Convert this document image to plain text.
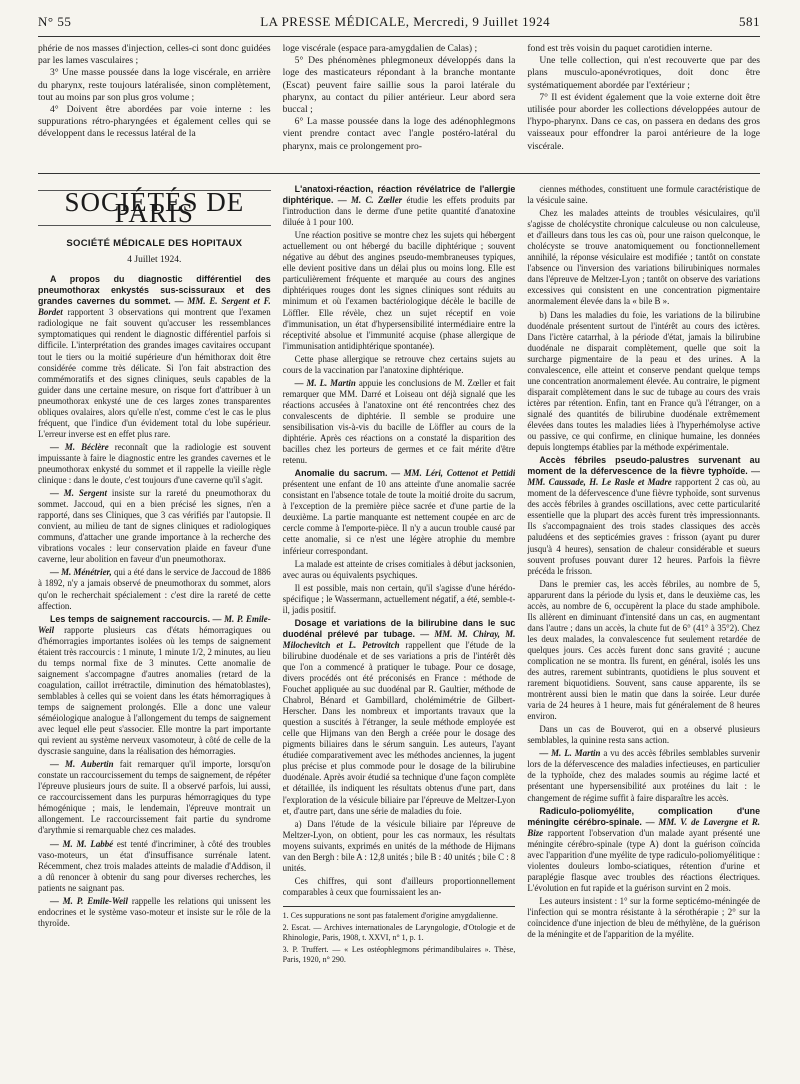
N° 55	LA PRESSE MÉDICALE, Mercredi, 9 Juillet 1924	581

phérie de nos masses d'injection, celles-ci sont donc guidées par les lames vasculaires ;

3° Une masse poussée dans la loge viscérale, en arrière du pharynx, reste toujours latéralisée, sinon complètement, tout au moins par son plus gros volume ;

4° Doivent être abordées par voie interne : les suppurations rétro-pharyngées et également celles qui se développent dans le recessus latéral de la

loge viscérale (espace para-amygdalien de Calas) ;

5° Des phénomènes phlegmoneux développés dans la loge des masticateurs répondant à la branche montante (Escat) peuvent faire saillie sous la paroi latérale du pharynx, au contact du pilier antérieur. Leur abord sera buccal ;

6° La masse poussée dans la loge des adénophlegmons vient prendre contact avec l'angle postéro-latéral du pharynx, mais ce prolongement pro-

fond est très voisin du paquet carotidien interne.

Une telle collection, qui n'est recouverte que par des plans musculo-aponévrotiques, doit donc être systématiquement abordée par l'extérieur ;

7° Il est évident également que la voie externe doit être utilisée pour aborder les collections développées autour de l'hypo-pharynx. Dans ce cas, on passera en dedans des gros vaisseaux pour effondrer la paroi antérieure de la loge viscérale.

SOCIÉTÉS DE PARIS
SOCIÉTÉ MÉDICALE DES HOPITAUX
4 Juillet 1924.

A propos du diagnostic différentiel des pneumothorax enkystés sus-scissuraux et des grandes cavernes du sommet. — MM. E. Sergent et F. Bordet rapportent 3 observations qui montrent que l'examen radiologique ne fait souvent qu'accuser les ressemblances symptomatiques qui rendent le diagnostic différentiel parfois si difficile. L'interprétation des grandes images cavitaires occupant tout le tiers ou la moitié supérieure d'un hémithorax doit être considérée comme très délicate. Si l'on fait abstraction des commémoratifs et des signes cliniques, seuls capables de la guider dans une certaine mesure, on risque fort d'attribuer à un pneumothorax enkysté une de ces larges zones transparentes obliques ovalaires, alors qu'elle n'est, comme c'est le cas le plus fréquent, que l'indice d'un évidement total du lobe supérieur. L'erreur inverse est en effet plus rare.

— M. Béclère reconnaît que la radiologie est souvent impuissante à faire le diagnostic entre les grandes cavernes et le pneumothorax enkysté du sommet et il rappelle la vieille règle clinique : dans le doute, c'est toujours d'une caverne qu'il s'agit.

— M. Sergent insiste sur la rareté du pneumothorax du sommet. Jaccoud, qui en a bien précisé les signes, n'en a rapporté, dans ses Cliniques, que 3 cas vérifiés par l'autopsie. Il convient, au milieu de tant de signes cliniques et radiologiques communs, d'attacher une grande importance à la recherche des vibrations vocales : leur conservation plaide en faveur d'une caverne, leur abolition en faveur d'un pneumothorax.

— M. Ménétrier, qui a été dans le service de Jaccoud de 1886 à 1892, n'y a jamais observé de pneumothorax du sommet, alors qu'on le recherchait spécialement : c'est dire la rareté de cette affection.

Les temps de saignement raccourcis. — M. P. Emile-Weil rapporte plusieurs cas d'états hémorragiques ou d'hémorragies importantes isolées où les temps de saignement étaient très raccourcis : 1 minute, 1 minute 1/2, 2 minutes, au lieu du temps normal fixe de 3 minutes. Cette anomalie de saignement s'accompagne d'autres anomalies (retard de la coagulation, caillot irrétractile, diminution des hématoblastes), semblables à celles qui se voient dans les états hémorragiques à temps de saignement prolongés. Elle a donc une valeur séméiologique analogue à l'allongement du temps de saignement avec lequel elle peut s'associer. Elle montre la part importante qui revient au système nerveux vasomoteur, à côté de celle de la dyscrasie sanguine, dans la réalisation des hémorragies.

— M. Aubertin fait remarquer qu'il importe, lorsqu'on constate un raccourcissement du temps de saignement, de répéter l'épreuve plusieurs jours de suite. Il a observé parfois, lui aussi, ce raccourcissement dans les purpuras hémorragiques du type hémogénique ; mais, le lendemain, l'épreuve montrait un allongement. Le raccourcissement fait partie du syndrome d'arythmie si remarquable chez ces malades.

— M. M. Labbé est tenté d'incriminer, à côté des troubles vaso-moteurs, un état d'insuffisance surrénale latent. Récemment, chez trois malades atteints de maladie d'Addison, il a dû renoncer à obtenir du sang pour diverses recherches, les patients ne saignant pas.

— M. P. Emile-Weil rappelle les relations qui unissent les endocrines et le système vaso-moteur et insiste sur le rôle de la thyroïde.

L'anatoxi-réaction, réaction révélatrice de l'allergie diphtérique. — M. C. Zœller étudie les effets produits par l'introduction dans le derme d'une petite quantité d'anatoxine diluée à 1 pour 100.

Une réaction positive se montre chez les sujets qui hébergent actuellement ou ont hébergé du bacille diphtérique ; souvent négative au début des angines pseudo-membraneuses typiques, elle devient positive dans un délai plus ou moins long. Elle est particulièrement fréquente et marquée au cours des angines diphtériques rouges dont les signes cliniques sont réduits au minimum et où l'examen bactériologique décèle le bacille de Löffler. Elle révèle, chez un sujet réceptif en voie d'immunisation, un état d'hypersensibilité intermédiaire entre la réceptivité absolue et l'immunité acquise (phase allergique de l'immunisation antidiphtérique spontanée).

Cette phase allergique se retrouve chez certains sujets au cours de la vaccination par l'anatoxine diphtérique.

— M. L. Martin appuie les conclusions de M. Zœller et fait remarquer que MM. Darré et Loiseau ont déjà signalé que les réactions accusées à l'anatoxine ont été rencontrées chez des convalescents de diphtérie. Il semble se produire une sensibilisation vis-à-vis du bacille de Löffler au cours de la diphtérie. Après ces réactions on a constaté la disparition des bacilles chez les porteurs de germes et ce fait mérite d'être retenu.

Anomalie du sacrum. — MM. Léri, Cottenot et Pettidi présentent une enfant de 10 ans atteinte d'une anomalie sacrée consistant en l'absence totale de toute la moitié droite du sacrum, à l'exception de la première pièce sacrée et d'une partie de la deuxième. La partie manquante est nettement coupée en arc de cercle comme à l'emporte-pièce. Il n'y a aucun trouble causé par cette anomalie, si ce n'est une légère atrophie du membre inférieur correspondant.

La malade est atteinte de crises comitiales à début jacksonien, avec auras ou équivalents psychiques.

Il est possible, mais non certain, qu'il s'agisse d'une hérédo-spécifique ; le Wassermann, actuellement négatif, a été, semble-t-il, jadis positif.

Dosage et variations de la bilirubine dans le suc duodénal prélevé par tubage. — MM. M. Chiray, M. Milochevitch et L. Petrovitch rappellent que l'étude de la bilirubine duodénale et de ses variations a pris de l'intérêt dès que l'on a commencé à pratiquer le tubage. Pour ce dosage, divers procédés ont été préconisés en France : méthode de Fouchet appliquée au suc duodénal par R. Gaultier, méthode de Chabrol, Bénard et Gambillard, cholémimétrie de Gilbert-Herscher. Dans les nombreux et importants travaux que la question a suscités à l'étranger, la seule méthode employée est celle que Hijmans van den Bergh a créée pour le dosage des pigments biliaires dans le sérum sanguin. Les auteurs, l'ayant étudiée comparativement avec les méthodes anciennes, la jugent plus précise et plus commode pour le dosage de la bilirubine duodénale. Après avoir étudié sa technique d'une façon complète et détaillée, ils indiquent les résultats obtenus d'une part, dans l'exploration de la vésicule biliaire par l'épreuve de Meltzer-Lyon et, d'autre part, dans une série de maladies du foie.

a) Dans l'étude de la vésicule biliaire par l'épreuve de Meltzer-Lyon, on obtient, pour les cas normaux, les résultats moyens suivants, exprimés en unités de la méthode de Hijmans van den Bergh : bile A : 12,8 unités ; bile B : 40 unités ; bile C : 8 unités.

Ces chiffres, qui sont d'ailleurs proportionnellement comparables à ceux que fournissaient les an-

1. Ces suppurations ne sont pas fatalement d'origine amygdalienne.
2. Escat. — Archives internationales de Laryngologie, d'Otologie et de Rhinologie, Paris, 1908, t. XXVI, n° 1, p. 1.
3. P. Truffert. — « Les ostéophlegmons périmandibulaires ». Thèse, Paris, 1920, n° 290.

ciennes méthodes, constituent une formule caractéristique de la vésicule saine.

Chez les malades atteints de troubles vésiculaires, qu'il s'agisse de cholécystite chronique calculeuse ou non calculeuse, et d'ailleurs dans tous les cas où, pour une raison quelconque, le cholécyste se trouve anatomiquement ou fonctionnellement annihilé, la réponse vésiculaire est modifiée ; tantôt on constate l'absence ou l'inversion des variations bilirubiniques normales dans l'épreuve de Meltzer-Lyon ; tantôt on observe des variations excessives qui consistent en une concentration pigmentaire anormalement élevée dans la « bile B ».

b) Dans les maladies du foie, les variations de la bilirubine duodénale présentent surtout de l'intérêt au cours des ictères. Dans l'ictère catarrhal, à la période d'état, jamais la bilirubine duodénale ne disparait complètement, quelle que soit la surcharge pigmentaire de la peau et des urines. A la convalescence, elle atteint et conserve pendant quelque temps une concentration anormalement élevée. Au contraire, le pigment disparait complètement dans le suc de tubage au cours des vrais ictères par rétention. Enfin, tant en France qu'à l'étranger, on a signalé des quantités de bilirubine duodénale extrêmement élevées dans toutes les maladies liées à l'hyperhémolyse active ou passive, ce qui confirme, en clinique humaine, les données depuis longtemps établies par la méthode expérimentale.

Accès fébriles pseudo-palustres survenant au moment de la défervescence de la fièvre typhoïde. — MM. Caussade, H. Le Rasle et Madre rapportent 2 cas où, au moment de la défervescence d'une fièvre typhoïde, sont survenus des accès fébriles à grandes oscillations, avec cette particularité essentielle que la plupart des accès furent très impressionnants. Ils s'accompagnaient des trois stades classiques des accès paludéens et des septicémies graves : frisson (ayant pu durer jusqu'à 4 heures), sensation de chaleur considérable et sueurs souvent profuses pouvant durer 12 heures. Parfois la fièvre précéda le frisson.

Dans le premier cas, les accès fébriles, au nombre de 5, apparurent dans la période du lysis et, dans le deuxième cas, les accès, au nombre de 6, occupèrent la place du stade amphibole. Ils allèrent en diminuant d'intensité dans un cas, en augmentant dans l'autre ; dans un accès, la chute fut de 6° (41° à 35°2). Chez les deux malades, la convalescence fut seulement retardée de quelques jours. Ces accès furent donc sans gravité ; aucune complication ne se montra. Ils furent, en général, isolés les uns des autres, rarement subintrants, quotidiens le plus souvent et rarement biquotidiens. Souvent, sans cause apparente, ils se montrèrent aussi bien le matin que dans la soirée. Leur durée varia de 24 heures à 1 heure, mais fut généralement de 8 heures environ.

Dans un cas de Bouverot, qui en a observé plusieurs semblables, la quinine resta sans action.

— M. L. Martin a vu des accès fébriles semblables survenir lors de la défervescence des maladies infectieuses, en particulier de la typhoïde, chez des malades soumis au régime lacté et présentant une hypersensibilité aux protéines du lait : le changement de régime suffit à faire disparaître les accès.

Radiculo-poliomyélite, complication d'une méningite cérébro-spinale. — MM. V. de Lavergne et R. Bize rapportent l'observation d'un malade ayant présenté une méningite cérébro-spinale (type A) dont la guérison coïncida avec l'apparition d'une myélite de type radiculo-poliomyélitique : violentes douleurs lombo-sciatiques, rétention d'urine et paraplégie flasque avec troubles des réactions électriques. L'évolution en fut rapide et la guérison survint en 2 mois.

Les auteurs insistent : 1° sur la forme septicémo-méningée de l'infection qui se montra résistante à la sérothérapie ; 2° sur la coïncidence d'une injection de bleu de méthylène, de la guérison de la méningite et de l'apparition de la myélite.
